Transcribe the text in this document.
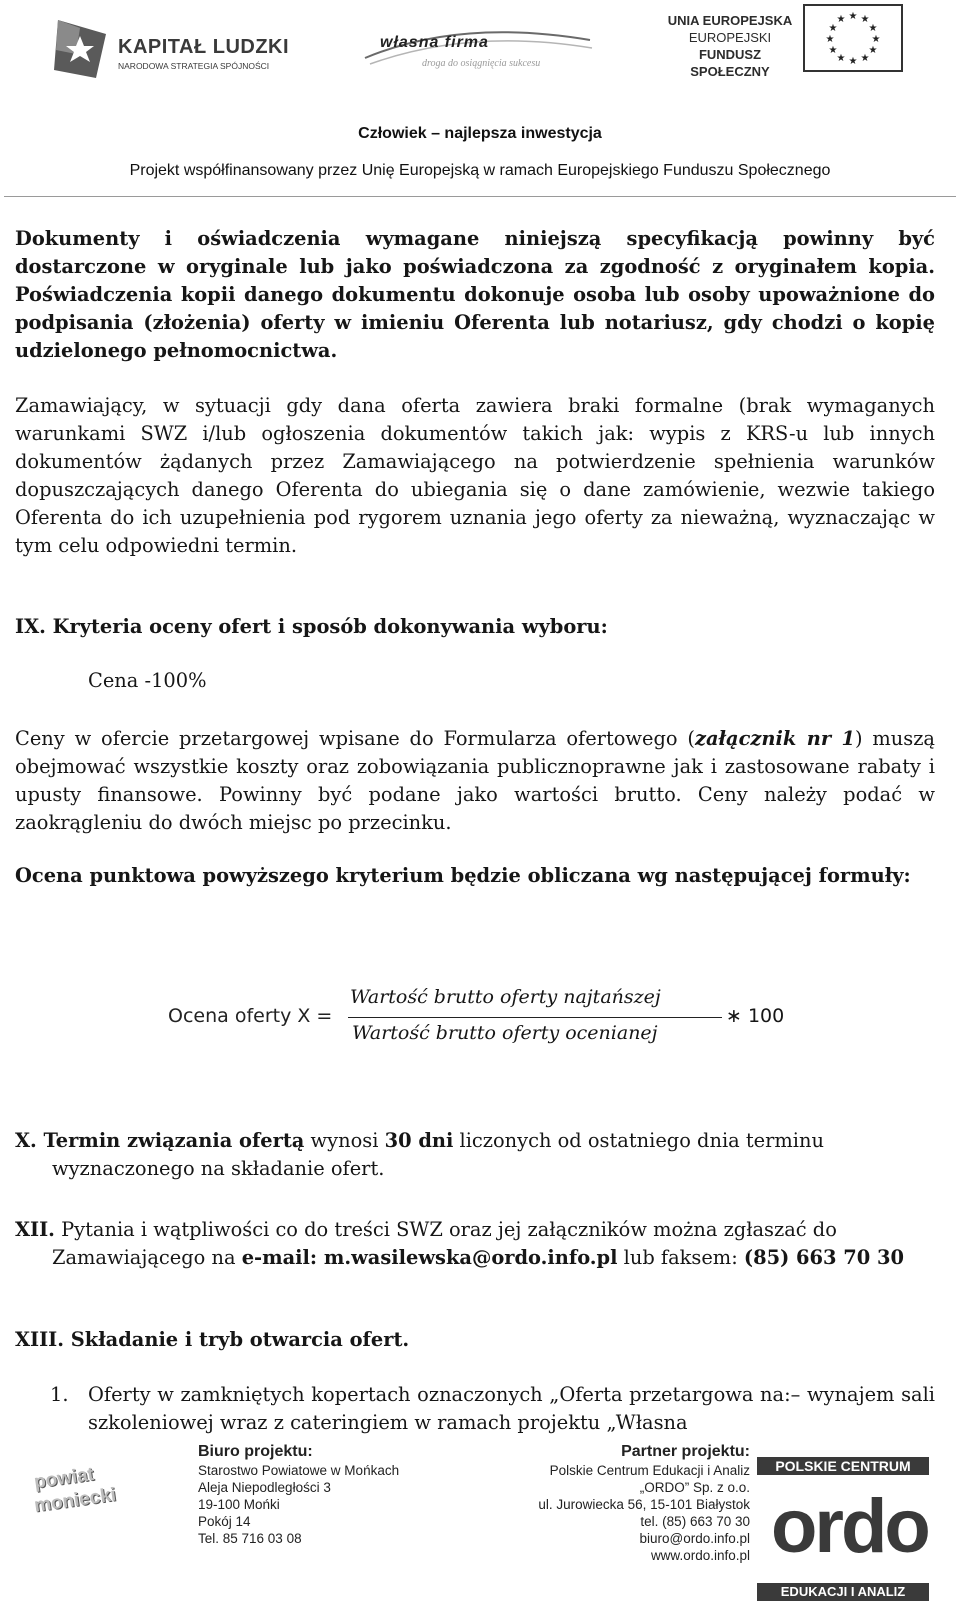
KAPITAŁ LUDZKI
NARODOWA STRATEGIA SPÓJNOŚCI
własna firma
droga do osiągnięcia sukcesu
UNIA EUROPEJSKA
EUROPEJSKI
FUNDUSZ SPOŁECZNY
★ ★
★
★
★
★
★
★
★
★
★
★
Człowiek – najlepsza inwestycja
Projekt współfinansowany przez Unię Europejską w ramach Europejskiego Funduszu Społecznego
Dokumenty i oświadczenia wymagane niniejszą specyfikacją powinny być dostarczone w oryginale lub jako poświadczona za zgodność z oryginałem kopia. Poświadczenia kopii danego dokumentu dokonuje osoba lub osoby upoważnione do podpisania (złożenia) oferty w imieniu Oferenta lub notariusz, gdy chodzi o kopię udzielonego pełnomocnictwa.
Zamawiający, w sytuacji gdy dana oferta zawiera braki formalne (brak wymaganych warunkami SWZ i/lub ogłoszenia dokumentów takich jak: wypis z KRS-u lub innych dokumentów żądanych przez Zamawiającego na potwierdzenie spełnienia warunków dopuszczających danego Oferenta do ubiegania się o dane zamówienie, wezwie takiego Oferenta do ich uzupełnienia pod rygorem uznania jego oferty za nieważną, wyznaczając w tym celu odpowiedni termin.
IX. Kryteria oceny ofert i sposób dokonywania wyboru:
Cena -100%
Ceny w ofercie przetargowej wpisane do Formularza ofertowego (załącznik nr 1) muszą obejmować wszystkie koszty oraz zobowiązania publicznoprawne jak i zastosowane rabaty i upusty finansowe. Powinny być podane jako wartości brutto. Ceny należy podać w zaokrągleniu do dwóch miejsc po przecinku.
Ocena punktowa powyższego kryterium będzie obliczana wg następującej formuły:
Ocena oferty X =
Wartość brutto oferty najtańszej
Wartość brutto oferty ocenianej
∗ 100
X. Termin związania ofertą wynosi 30 dni liczonych od ostatniego dnia terminu
wyznaczonego na składanie ofert.
XII. Pytania i wątpliwości co do treści SWZ oraz jej załączników można zgłaszać do
Zamawiającego na e-mail: m.wasilewska@ordo.info.pl lub faksem: (85) 663 70 30
XIII. Składanie i tryb otwarcia ofert.
1.	Oferty w zamkniętych kopertach oznaczonych „Oferta przetargowa na:– wynajem sali szkoleniowej wraz z cateringiem w ramach projektu „Własna
powiat
moniecki
Biuro projektu:
Starostwo Powiatowe w Mońkach
Aleja Niepodległości 3
19-100 Mońki
Pokój 14
Tel. 85 716 03 08
Partner projektu:
Polskie Centrum Edukacji i Analiz
„ORDO” Sp. z o.o.
ul. Jurowiecka 56, 15-101 Białystok
tel. (85) 663 70 30
biuro@ordo.info.pl
www.ordo.info.pl
POLSKIE CENTRUM
ordo
EDUKACJI I ANALIZ
